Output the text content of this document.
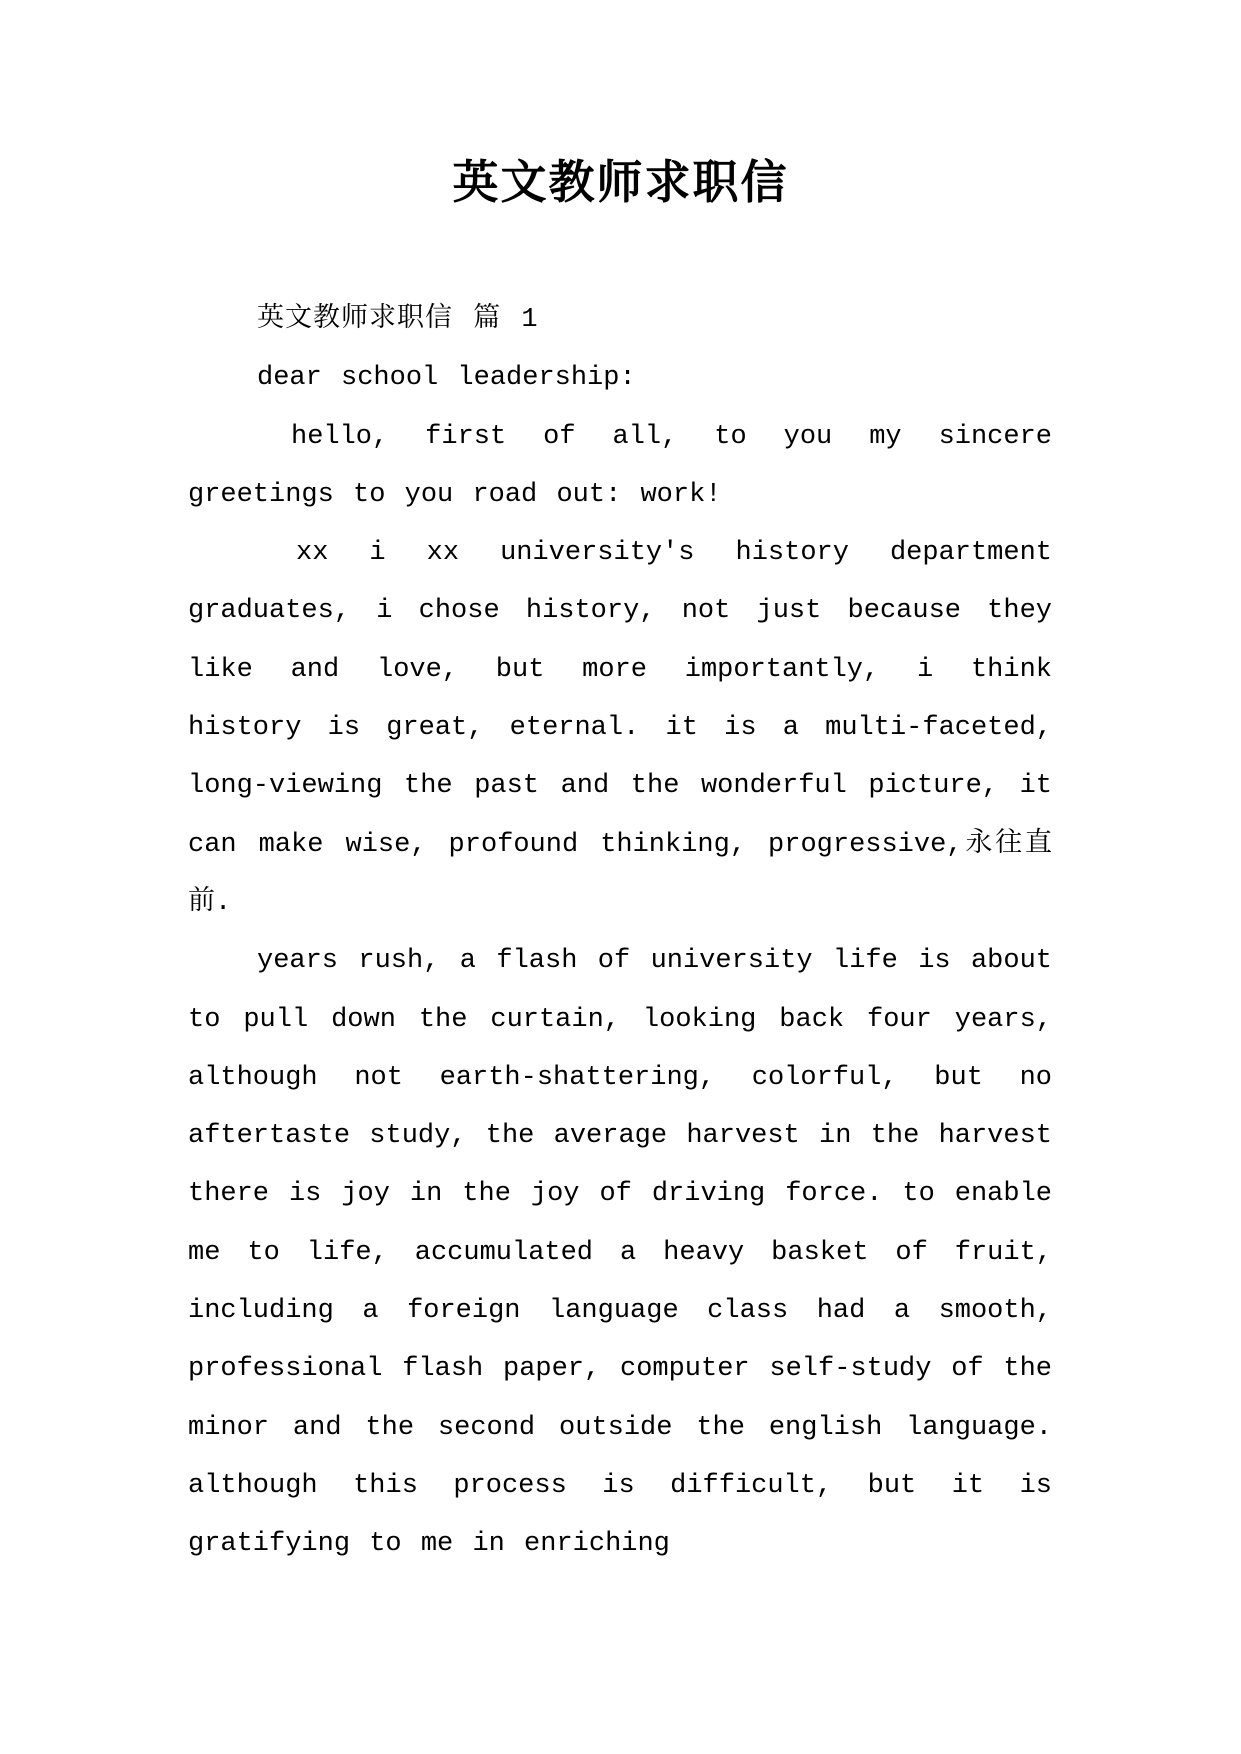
英文教师求职信

英文教师求职信 篇 1

dear school leadership:

hello, first of all, to you my sincere greetings to you road out: work!

xx i xx university's history department graduates, i chose history, not just because they like and love, but more importantly, i think history is great, eternal. it is a multi-faceted, long-viewing the past and the wonderful picture, it can make wise, profound thinking, progressive,永往直前.

years rush, a flash of university life is about to pull down the curtain, looking back four years, although not earth-shattering, colorful, but no aftertaste study, the average harvest in the harvest there is joy in the joy of driving force. to enable me to life, accumulated a heavy basket of fruit, including a foreign language class had a smooth, professional flash paper, computer self-study of the minor and the second outside the english language. although this process is difficult, but it is gratifying to me in enriching
